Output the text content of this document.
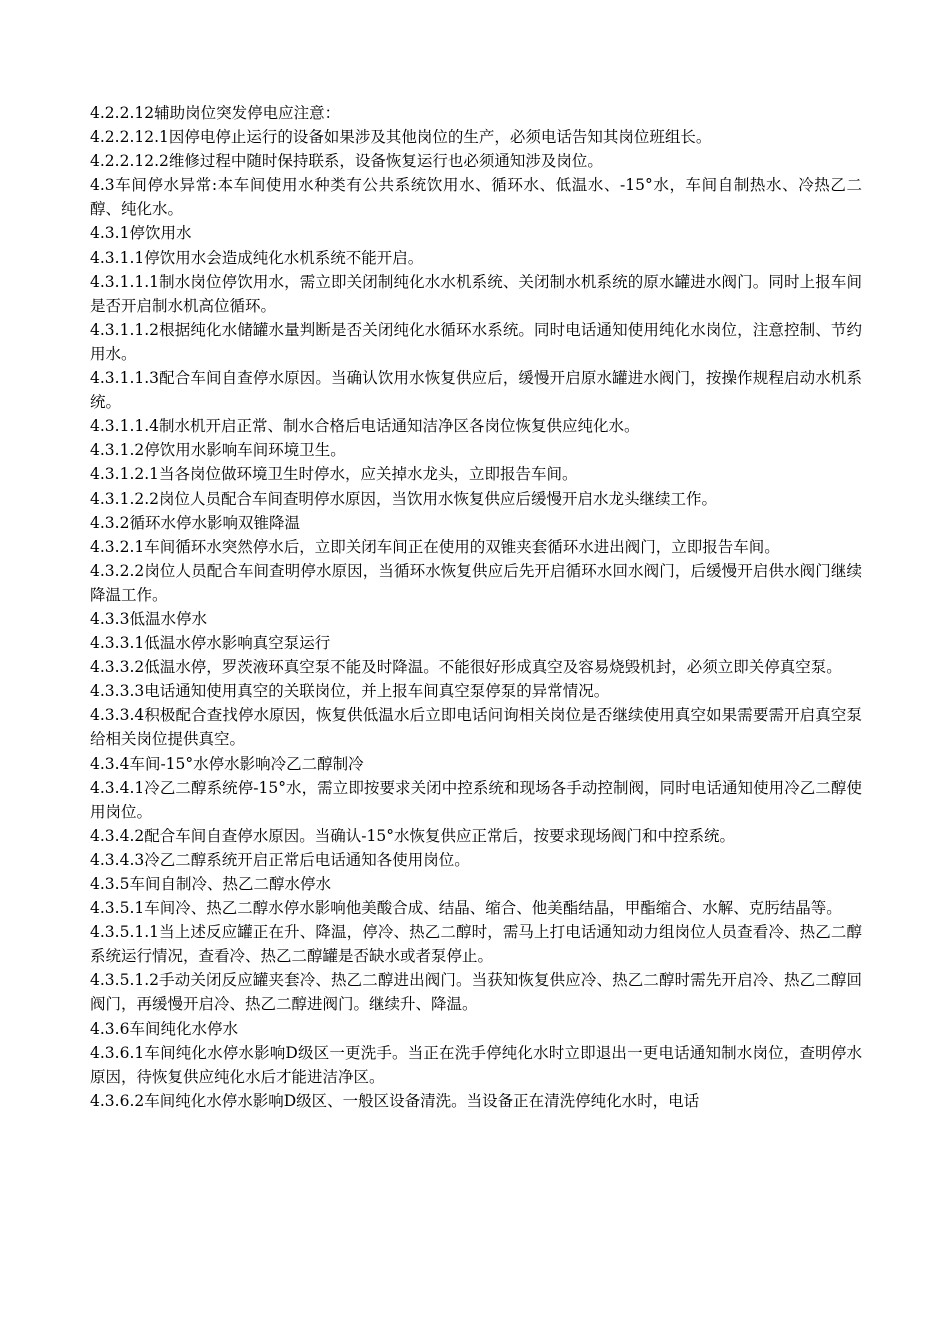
4.2.2.12辅助岗位突发停电应注意：

4.2.2.12.1因停电停止运行的设备如果涉及其他岗位的生产，必须电话告知其岗位班组长。

4.2.2.12.2维修过程中随时保持联系，设备恢复运行也必须通知涉及岗位。

4.3车间停水异常:本车间使用水种类有公共系统饮用水、循环水、低温水、-15°水，车间自制热水、冷热乙二醇、纯化水。

4.3.1停饮用水

4.3.1.1停饮用水会造成纯化水机系统不能开启。

4.3.1.1.1制水岗位停饮用水，需立即关闭制纯化水水机系统、关闭制水机系统的原水罐进水阀门。同时上报车间是否开启制水机高位循环。

4.3.1.1.2根据纯化水储罐水量判断是否关闭纯化水循环水系统。同时电话通知使用纯化水岗位，注意控制、节约用水。

4.3.1.1.3配合车间自查停水原因。当确认饮用水恢复供应后，缓慢开启原水罐进水阀门，按操作规程启动水机系统。

4.3.1.1.4制水机开启正常、制水合格后电话通知洁净区各岗位恢复供应纯化水。

4.3.1.2停饮用水影响车间环境卫生。

4.3.1.2.1当各岗位做环境卫生时停水，应关掉水龙头，立即报告车间。

4.3.1.2.2岗位人员配合车间查明停水原因，当饮用水恢复供应后缓慢开启水龙头继续工作。

4.3.2循环水停水影响双锥降温

4.3.2.1车间循环水突然停水后，立即关闭车间正在使用的双锥夹套循环水进出阀门，立即报告车间。

4.3.2.2岗位人员配合车间查明停水原因，当循环水恢复供应后先开启循环水回水阀门，后缓慢开启供水阀门继续降温工作。

4.3.3低温水停水

4.3.3.1低温水停水影响真空泵运行

4.3.3.2低温水停，罗茨液环真空泵不能及时降温。不能很好形成真空及容易烧毁机封，必须立即关停真空泵。

4.3.3.3电话通知使用真空的关联岗位，并上报车间真空泵停泵的异常情况。

4.3.3.4积极配合查找停水原因，恢复供低温水后立即电话问询相关岗位是否继续使用真空如果需要需开启真空泵给相关岗位提供真空。

4.3.4车间-15°水停水影响冷乙二醇制冷

4.3.4.1冷乙二醇系统停-15°水，需立即按要求关闭中控系统和现场各手动控制阀，同时电话通知使用冷乙二醇使用岗位。

4.3.4.2配合车间自查停水原因。当确认-15°水恢复供应正常后，按要求现场阀门和中控系统。

4.3.4.3冷乙二醇系统开启正常后电话通知各使用岗位。

4.3.5车间自制冷、热乙二醇水停水

4.3.5.1车间冷、热乙二醇水停水影响他美酸合成、结晶、缩合、他美酯结晶，甲酯缩合、水解、克肟结晶等。

4.3.5.1.1当上述反应罐正在升、降温，停冷、热乙二醇时，需马上打电话通知动力组岗位人员查看冷、热乙二醇系统运行情况，查看冷、热乙二醇罐是否缺水或者泵停止。

4.3.5.1.2手动关闭反应罐夹套冷、热乙二醇进出阀门。当获知恢复供应冷、热乙二醇时需先开启冷、热乙二醇回阀门，再缓慢开启冷、热乙二醇进阀门。继续升、降温。

4.3.6车间纯化水停水

4.3.6.1车间纯化水停水影响D级区一更洗手。当正在洗手停纯化水时立即退出一更电话通知制水岗位，查明停水原因，待恢复供应纯化水后才能进洁净区。

4.3.6.2车间纯化水停水影响D级区、一般区设备清洗。当设备正在清洗停纯化水时，电话
